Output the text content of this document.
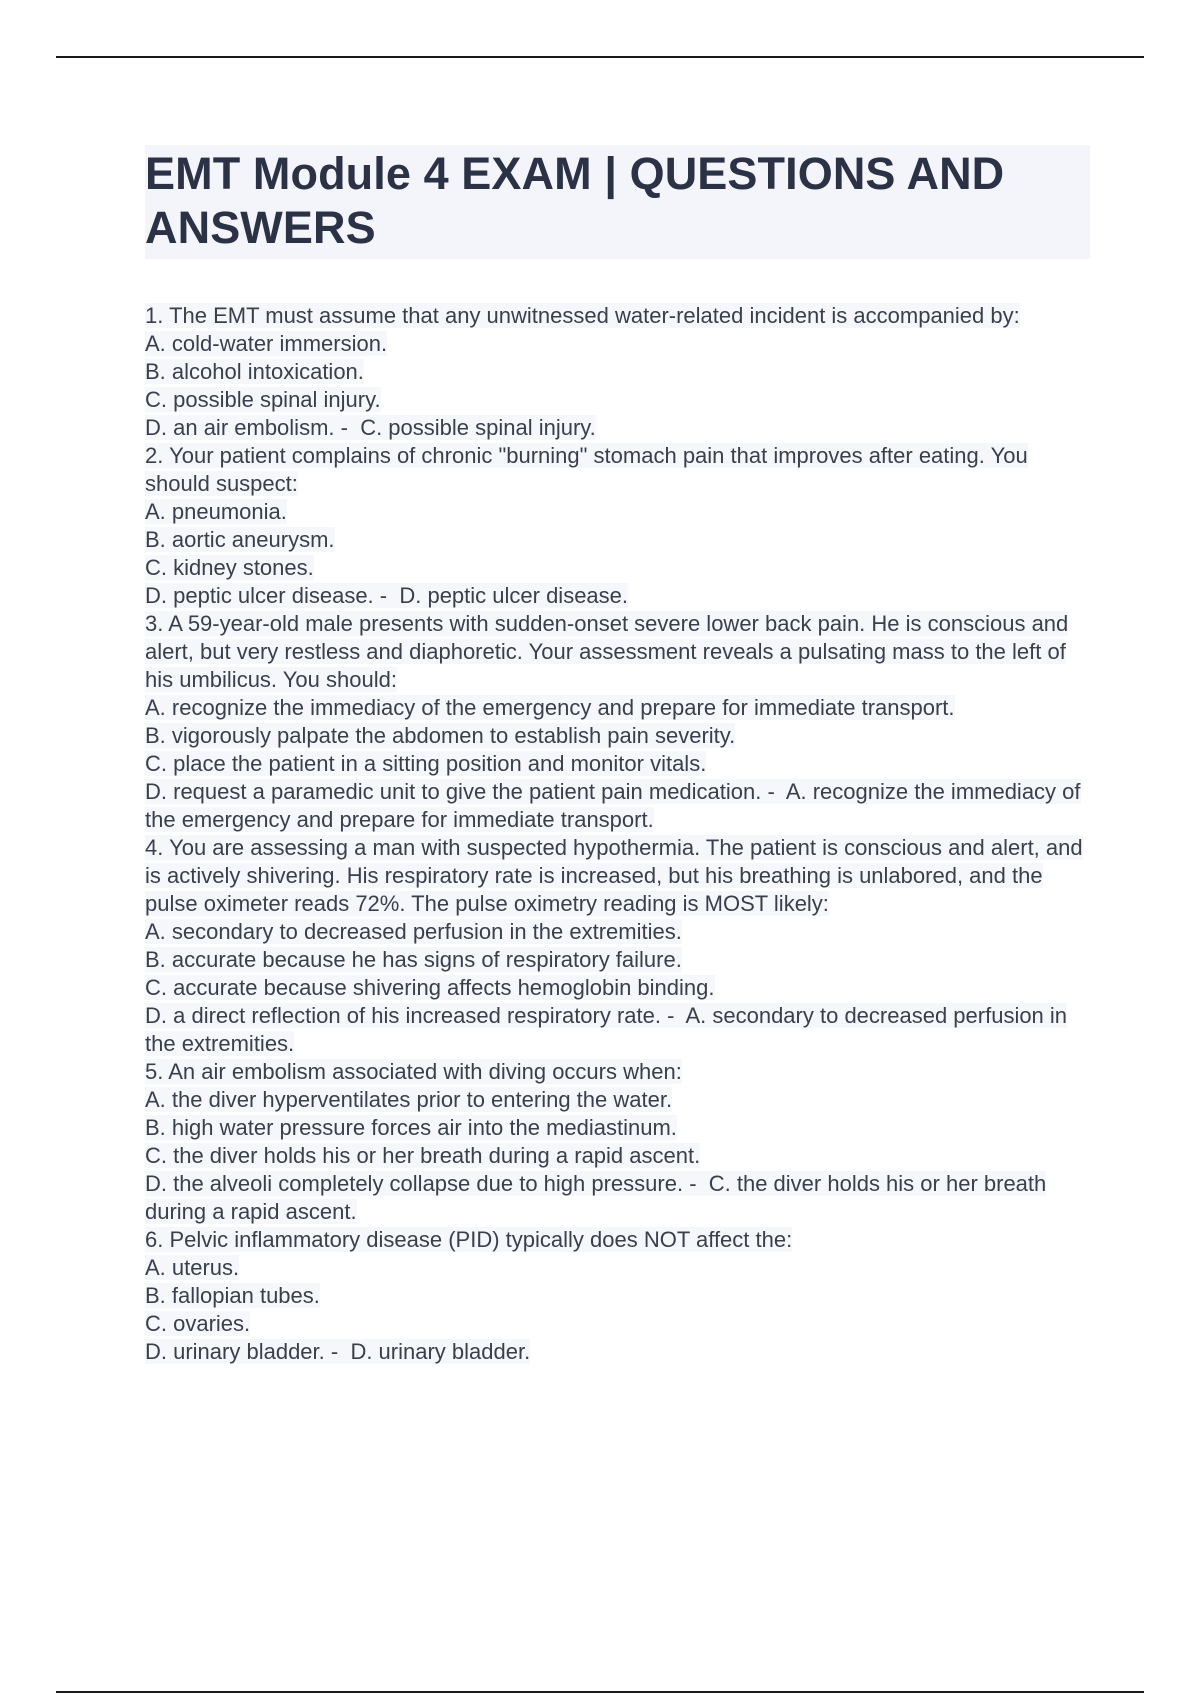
EMT Module 4 EXAM | QUESTIONS AND ANSWERS
1. The EMT must assume that any unwitnessed water-related incident is accompanied by:
A. cold-water immersion.
B. alcohol intoxication.
C. possible spinal injury.
D. an air embolism. -  C. possible spinal injury.
2. Your patient complains of chronic "burning" stomach pain that improves after eating. You should suspect:
A. pneumonia.
B. aortic aneurysm.
C. kidney stones.
D. peptic ulcer disease. -  D. peptic ulcer disease.
3. A 59-year-old male presents with sudden-onset severe lower back pain. He is conscious and alert, but very restless and diaphoretic. Your assessment reveals a pulsating mass to the left of his umbilicus. You should:
A. recognize the immediacy of the emergency and prepare for immediate transport.
B. vigorously palpate the abdomen to establish pain severity.
C. place the patient in a sitting position and monitor vitals.
D. request a paramedic unit to give the patient pain medication. -  A. recognize the immediacy of the emergency and prepare for immediate transport.
4. You are assessing a man with suspected hypothermia. The patient is conscious and alert, and is actively shivering. His respiratory rate is increased, but his breathing is unlabored, and the pulse oximeter reads 72%. The pulse oximetry reading is MOST likely:
A. secondary to decreased perfusion in the extremities.
B. accurate because he has signs of respiratory failure.
C. accurate because shivering affects hemoglobin binding.
D. a direct reflection of his increased respiratory rate. -  A. secondary to decreased perfusion in the extremities.
5. An air embolism associated with diving occurs when:
A. the diver hyperventilates prior to entering the water.
B. high water pressure forces air into the mediastinum.
C. the diver holds his or her breath during a rapid ascent.
D. the alveoli completely collapse due to high pressure. -  C. the diver holds his or her breath during a rapid ascent.
6. Pelvic inflammatory disease (PID) typically does NOT affect the:
A. uterus.
B. fallopian tubes.
C. ovaries.
D. urinary bladder. -  D. urinary bladder.
